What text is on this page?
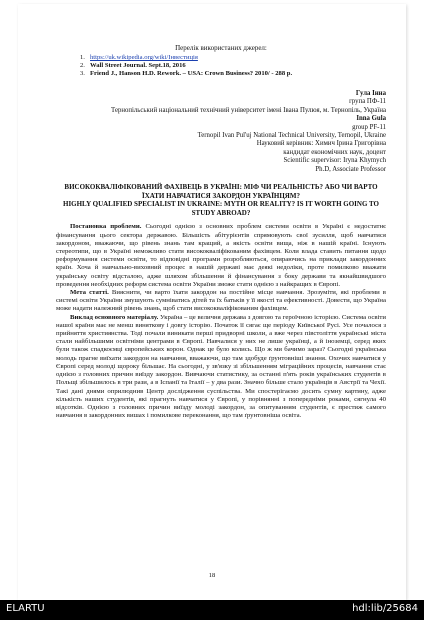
Перелік використаних джерел:
1. https://uk.wikipedia.org/wiki/Інвестиція
2. Wall Street Journal. Sept.18, 2016
3. Friend J., Hanson H.D. Rework. – USA: Crown Business? 2010/ - 288 p.
Гула Інна
група ПФ-11
Тернопільський національний технічний університет імені Івана Пулюя, м. Тернопіль, Україна
Inna Gula
group PF-11
Ternopil Ivan Pul'uj National Technical University, Ternopil, Ukraine
Науковий керівник: Химич Ірина Григорівна
кандидат економічних наук, доцент
Scientific supervisor: Iryna Khymych
Ph.D, Associate Professor
ВИСОКОКВАЛІФІКОВАНИЙ ФАХІВЕЦЬ В УКРАЇНІ: МІФ ЧИ РЕАЛЬНІСТЬ? АБО ЧИ ВАРТО ЇХАТИ НАВЧАТИСЯ ЗАКОРДОН УКРАЇНЦЯМ?
HIGHLY QUALIFIED SPECIALIST IN UKRAINE: MYTH OR REALITY? IS IT WORTH GOING TO STUDY ABROAD?

Постановка проблеми. Сьогодні однією з основних проблем системи освіти в Україні є недостатнє фінансування цього сектора державою. Більшість абітурієнтів спрямовують свої зусилля, щоб навчатися закордоном, вважаючи, що рівень знань там кращий, а якість освіти вища, ніж в нашій країні. Існують стереотипи, що в Україні неможливо стати висококваліфікованим фахівцем. Коли влада ставить питання щодо реформування системи освіти, то відповідні програми розробляються, опираючись на приклади закордонних країн. Хоча й навчально-виховний процес в нашій державі має деякі недоліки, проте помилково вважати українську освіту відсталою, адже шляхом збільшення й фінансування з боку держави та якнайшвидшого проведення необхідних реформ система освіти України зможе стати однією з найкращих в Європі.

Мета статті. Вияснити, чи варто їхати закордон на постійне місце навчання. Зрозуміти, які проблеми в системі освіти України змушують сумніватись дітей та їх батьків у її якості та ефективності. Довести, що Україна може надати належний рівень знань, щоб стати висококваліфікованим фахівцем.

Виклад основного матеріалу. Україна – це величня держава з довгою та героїчною історією. Система освіти нашої країни має не менш виняткову і довгу історію. Початок її сягає ще періоду Київської Русі. Усе почалося з прийняття християнства. Тоді почали виникати перші придворні школи, а вже через півстоліття українські міста стали найбільшими освітніми центрами в Європі. Навчалися у них не лише українці, а й іноземці, серед яких були також спадкоємці європейських корон. Однак це було колись. Що ж ми бачимо зараз? Сьогодні українська молодь прагне виїхати закордон на навчання, вважаючи, що там здобуде ґрунтовніші знання. Охочих навчатися у Європі серед молоді щороку більшає. На сьогодні, у зв'язку зі збільшенням міграційних процесів, навчання стає однією з головних причин виїзду закордон. Вивчаючи статистику, за останні п'ять років українських студентів в Польщі збільшилось в три рази, а в Іспанії та Італії – у два рази. Значно більше стало українців в Австрії та Чехії. Такі дані днями оприлюднив Центр дослідження суспільства. Ми спостерігаємо досить сумну картину, адже кількість наших студентів, які прагнуть навчатися у Європі, у порівнянні з попередніми роками, сягнула 40 відсотків. Однією з головних причин виїзду молоді закордон, за опитуванням студентів, є престиж самого навчання в закордонних вишах і помилкове переконання, що там ґрунтовніша освіта.

18
ELARTU	hdl:lib/25684
